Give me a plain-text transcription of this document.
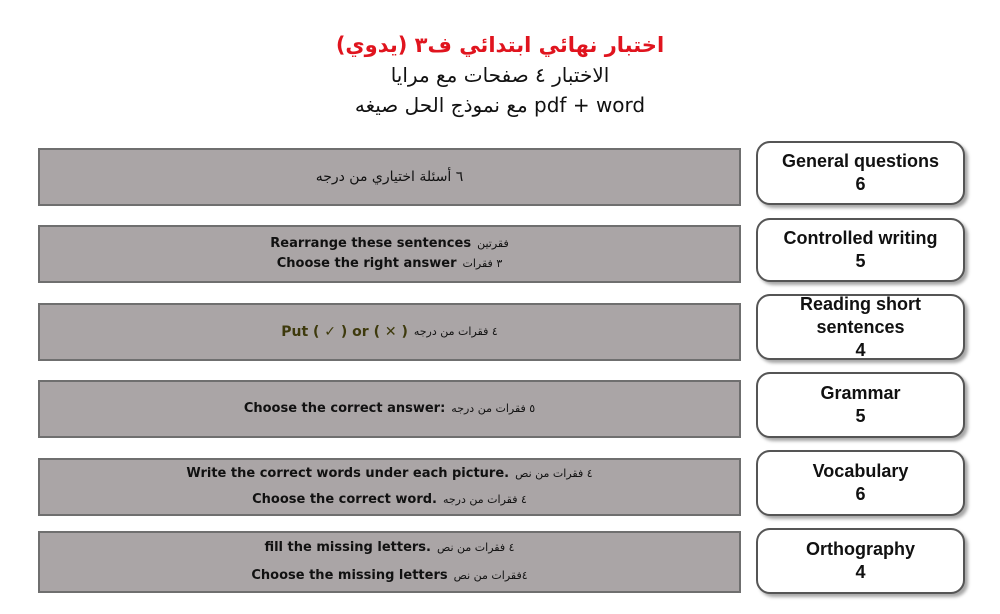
اختبار نهائي ابتدائي ف٣ (يدوي)
الاختبار ٤ صفحات مع مرايا
مع نموذج الحل صيغه pdf + word
٦ أسئلة اختياري من درجه
General questions
6
Rearrange these sentences فقرتين
Choose the right answer ٣ فقرات
Controlled writing
5
Put ( ✓ ) or ( ✕ ) ٤ فقرات من درجه
Reading short sentences
4
Choose the correct answer: ٥ فقرات من درجه
Grammar
5
Write the correct words under each picture. ٤ فقرات من نص
Choose the correct word. ٤ فقرات من درجه
Vocabulary
6
fill the missing letters. ٤ فقرات من نص
Choose the missing letters ٤فقرات من نص
Orthography
4
